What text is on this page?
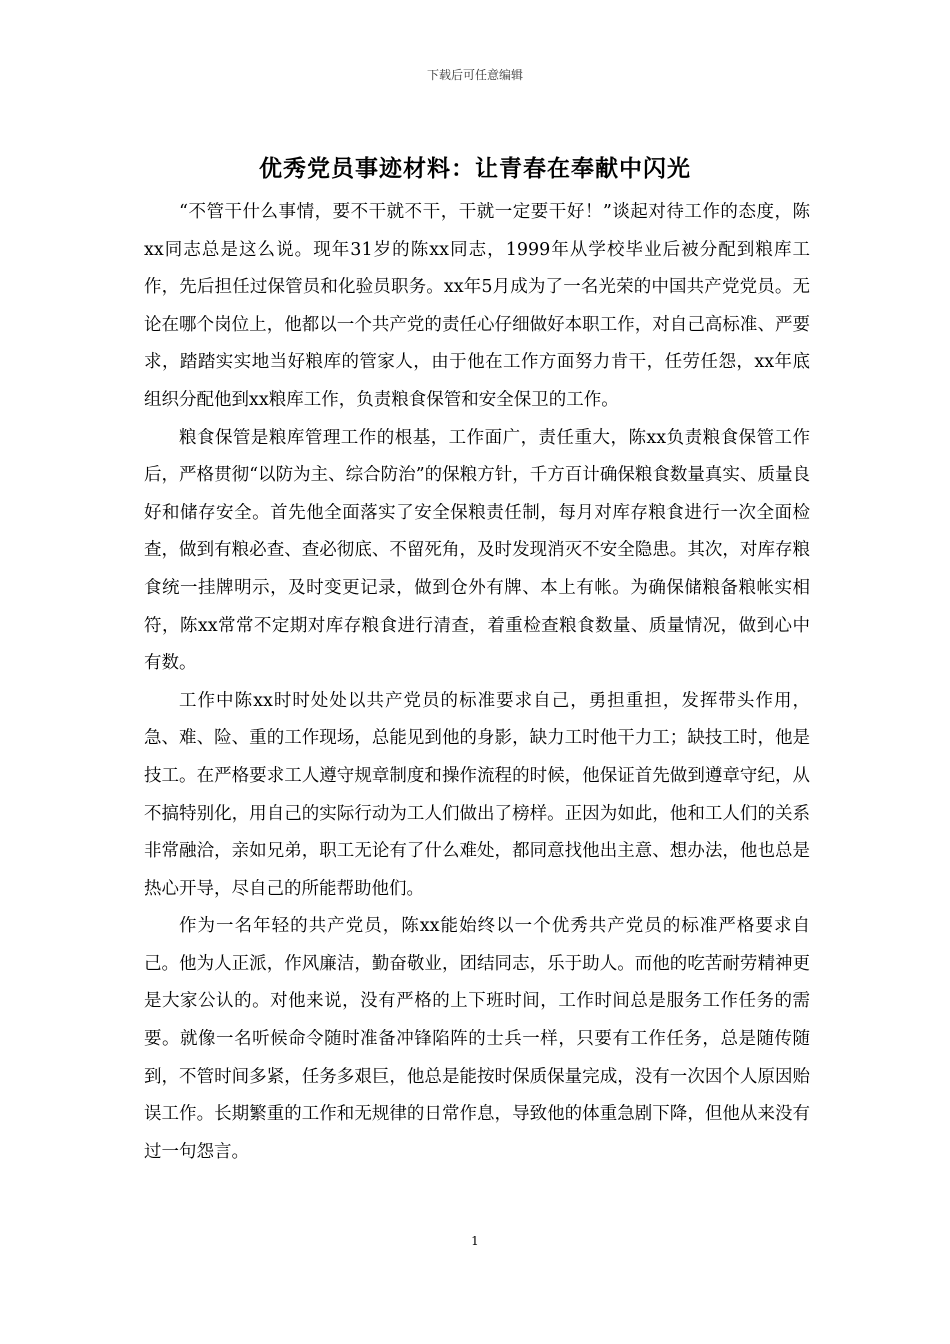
下载后可任意编辑
优秀党员事迹材料：让青春在奉献中闪光

“不管干什么事情，要不干就不干，干就一定要干好！”谈起对待工作的态度，陈xx同志总是这么说。现年31岁的陈xx同志，1999年从学校毕业后被分配到粮库工作，先后担任过保管员和化验员职务。xx年5月成为了一名光荣的中国共产党党员。无论在哪个岗位上，他都以一个共产党的责任心仔细做好本职工作，对自己高标准、严要求，踏踏实实地当好粮库的管家人，由于他在工作方面努力肯干，任劳任怨，xx年底组织分配他到xx粮库工作，负责粮食保管和安全保卫的工作。

粮食保管是粮库管理工作的根基，工作面广，责任重大，陈xx负责粮食保管工作后，严格贯彻“以防为主、综合防治”的保粮方针，千方百计确保粮食数量真实、质量良好和储存安全。首先他全面落实了安全保粮责任制，每月对库存粮食进行一次全面检查，做到有粮必查、查必彻底、不留死角，及时发现消灭不安全隐患。其次，对库存粮食统一挂牌明示，及时变更记录，做到仓外有牌、本上有帐。为确保储粮备粮帐实相符，陈xx常常不定期对库存粮食进行清查，着重检查粮食数量、质量情况，做到心中有数。

工作中陈xx时时处处以共产党员的标准要求自己，勇担重担，发挥带头作用，急、难、险、重的工作现场，总能见到他的身影，缺力工时他干力工；缺技工时，他是技工。在严格要求工人遵守规章制度和操作流程的时候，他保证首先做到遵章守纪，从不搞特别化，用自己的实际行动为工人们做出了榜样。正因为如此，他和工人们的关系非常融洽，亲如兄弟，职工无论有了什么难处，都同意找他出主意、想办法，他也总是热心开导，尽自己的所能帮助他们。

作为一名年轻的共产党员，陈xx能始终以一个优秀共产党员的标准严格要求自己。他为人正派，作风廉洁，勤奋敬业，团结同志，乐于助人。而他的吃苦耐劳精神更是大家公认的。对他来说，没有严格的上下班时间，工作时间总是服务工作任务的需要。就像一名听候命令随时准备冲锋陷阵的士兵一样，只要有工作任务，总是随传随到，不管时间多紧，任务多艰巨，他总是能按时保质保量完成，没有一次因个人原因贻误工作。长期繁重的工作和无规律的日常作息，导致他的体重急剧下降，但他从来没有过一句怨言。

1
